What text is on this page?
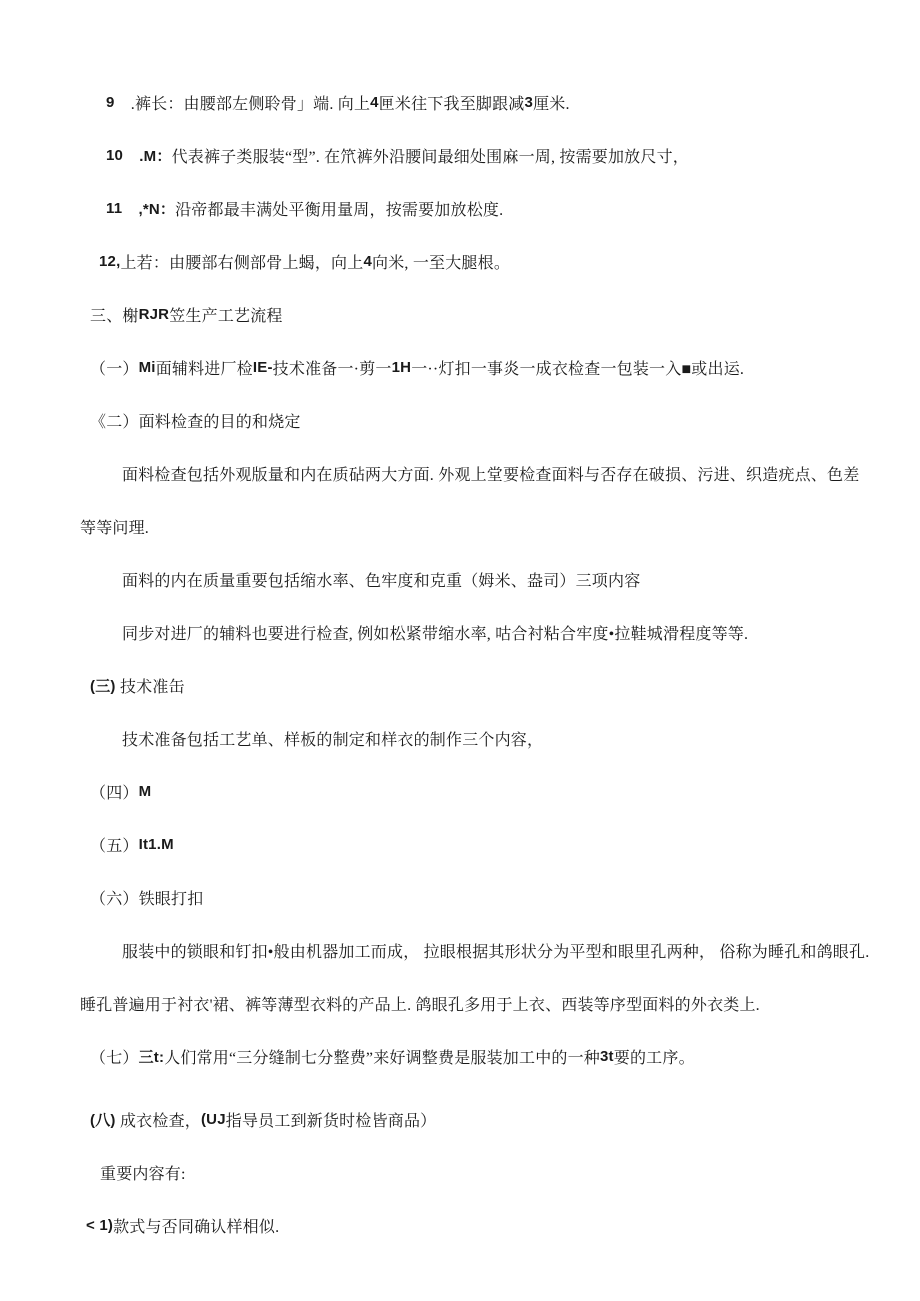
9 　.裤长：由腰部左侧聆骨」端. 向上 4 匣米往下我至脚跟减 3 厘米.

10
　 .M： 代表裤子类服装“型”. 在笊裤外沿腰间最细处围麻一周, 按需要加放尺寸，

11
　 ,*N： 沿帝都最丰满处平衡用量周，按需要加放松度.

12, 上若：由腰部右侧部骨上蝎，向上 4 向米, 一至大腿根。

三、榭 RJR 笠生产工艺流程

（一） Mi 面辅料进厂检 IE- 技术准备一·剪一 1H 一··灯扣一事炎一成衣检查一包装一入■或出运.

《二）面料检查的目的和烧定

面料检查包括外观版量和内在质砧两大方面. 外观上堂要检查面料与否存在破损、污进、织造疣点、色差

等等问理.

面料的内在质量重要包括缩水率、色牢度和克重（姆米、盎司）三项内容

同步对进厂的辅料也要进行检查, 例如松紧带缩水率, 咕合衬粘合牢度•拉鞋城滑程度等等.

(三) 技术准缶

技术准备包括工艺单、样板的制定和样衣的制作三个内容，

（四） M

（五） It1.M

（六）铁眼打扣

服装中的锁眼和钉扣•般由机器加工而成， 拉眼根据其形状分为平型和眼里孔两种， 俗称为睡孔和鸽眼孔.

睡孔普遍用于衬衣'裙、裤等薄型衣料的产品上. 鸽眼孔多用于上衣、西装等序型面料的外衣类上.

（七） 三t: 人们常用“三分缝制七分整费”来好调整费是服装加工中的一种 3t 要的工序。

(八) 成衣检查， (UJ 指导员工到新货时检皆商品）

重要内容有:

< 1) 款式与否同确认样相似.
